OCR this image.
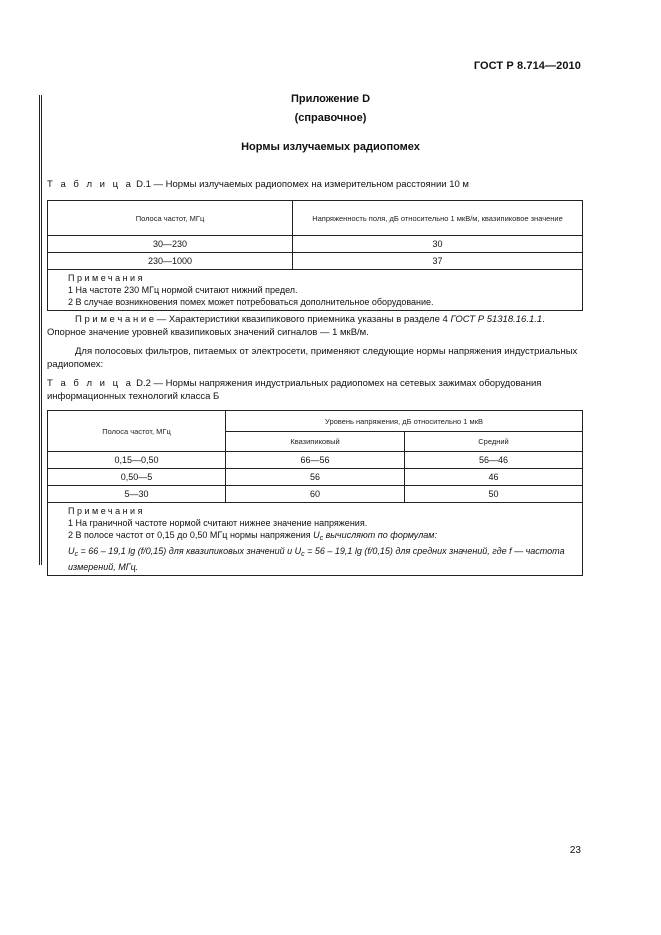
ГОСТ Р 8.714—2010
Приложение D
(справочное)
Нормы излучаемых радиопомех
Т а б л и ц а D.1 — Нормы излучаемых радиопомех на измерительном расстоянии 10 м
Полоса частот, МГц	Напряженность поля, дБ относительно 1 мкВ/м, квазипиковое значение
30—230	30
230—1000	37

Примечания
1 На частоте 230 МГц нормой считают нижний предел.
2 В случае возникновения помех может потребоваться дополнительное оборудование.	
П р и м е ч а н и е — Характеристики квазипикового приемника указаны в разделе 4 ГОСТ Р 51318.16.1.1. Опорное значение уровней квазипиковых значений сигналов — 1 мкВ/м.
Для полосовых фильтров, питаемых от электросети, применяют следующие нормы напряжения индустриальных радиопомех:
Т а б л и ц а D.2 — Нормы напряжения индустриальных радиопомех на сетевых зажимах оборудования информационных технологий класса Б
Полоса частот, МГц	Уровень напряжения, дБ относительно 1 мкВ	
	Квазипиковый	Средний
0,15—0,50	66—56	56—46
0,50—5	56	46
5—30	60	50

Примечания
1 На граничной частоте нормой считают нижнее значение напряжения.
2 В полосе частот от 0,15 до 0,50 МГц нормы напряжения $U_c$ вычисляют по формулам:
$U_c = 66 - 19,1$ lg (f/0,15) для квазипиковых значений и $U_c = 56 - 19,1$ lg (f/0,15) для средних значений, где f — частота измерений, МГц.		
23
